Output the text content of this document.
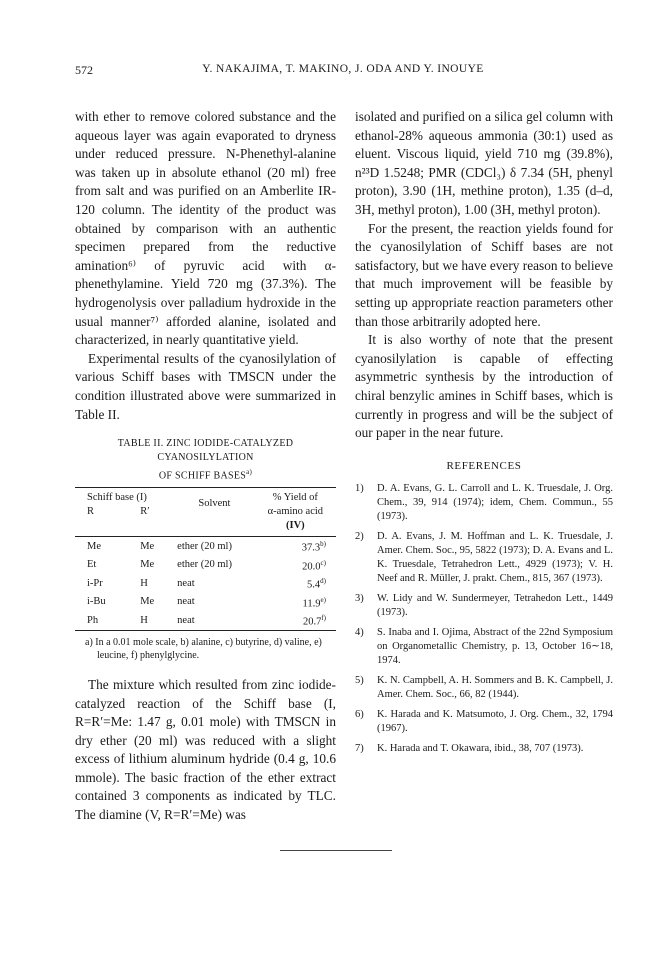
572	Y. NAKAJIMA, T. MAKINO, J. ODA AND Y. INOUYE

with ether to remove colored substance and the aqueous layer was again evaporated to dryness under reduced pressure. N-Phenethyl-alanine was taken up in absolute ethanol (20 ml) free from salt and was purified on an Amberlite IR-120 column. The identity of the product was obtained by comparison with an authentic specimen prepared from the reductive amination⁶⁾ of pyruvic acid with α-phenethylamine. Yield 720 mg (37.3%). The hydrogenolysis over palladium hydroxide in the usual manner⁷⁾ afforded alanine, isolated and characterized, in nearly quantitative yield.

Experimental results of the cyanosilylation of various Schiff bases with TMSCN under the condition illustrated above were summarized in Table II.

TABLE II. ZINC IODIDE-CATALYZED CYANOSILYLATION
OF SCHIFF BASES$^{a)}$
Schiff base (I)		Solvent	% Yield of
R	R′		α-amino acid
			(IV)
Me	Me	ether (20 ml)	37.3$^{b)}$
Et	Me	ether (20 ml)	20.0$^{c)}$
i-Pr	H	neat	5.4$^{d)}$
i-Bu	Me	neat	11.9$^{e)}$
Ph	H	neat	20.7$^{f)}$
a) In a 0.01 mole scale, b) alanine, c) butyrine, d) valine, e) leucine, f) phenylglycine.

The mixture which resulted from zinc iodide-catalyzed reaction of the Schiff base (I, R=R′=Me: 1.47 g, 0.01 mole) with TMSCN in dry ether (20 ml) was reduced with a slight excess of lithium aluminum hydride (0.4 g, 10.6 mmole). The basic fraction of the ether extract contained 3 components as indicated by TLC. The diamine (V, R=R′=Me) was

isolated and purified on a silica gel column with ethanol-28% aqueous ammonia (30:1) used as eluent. Viscous liquid, yield 710 mg (39.8%), n²³D 1.5248; PMR (CDCl₃) δ 7.34 (5H, phenyl proton), 3.90 (1H, methine proton), 1.35 (d–d, 3H, methyl proton), 1.00 (3H, methyl proton).

For the present, the reaction yields found for the cyanosilylation of Schiff bases are not satisfactory, but we have every reason to believe that much improvement will be feasible by setting up appropriate reaction parameters other than those arbitrarily adopted here.

It is also worthy of note that the present cyanosilylation is capable of effecting asymmetric synthesis by the introduction of chiral benzylic amines in Schiff bases, which is currently in progress and will be the subject of our paper in the near future.

REFERENCES
1)	D. A. Evans, G. L. Carroll and L. K. Truesdale, J. Org. Chem., 39, 914 (1974); idem, Chem. Commun., 55 (1973).
2)	D. A. Evans, J. M. Hoffman and L. K. Truesdale, J. Amer. Chem. Soc., 95, 5822 (1973); D. A. Evans and L. K. Truesdale, Tetrahedron Lett., 4929 (1973); V. H. Neef and R. Müller, J. prakt. Chem., 815, 367 (1973).
3)	W. Lidy and W. Sundermeyer, Tetrahedon Lett., 1449 (1973).
4)	S. Inaba and I. Ojima, Abstract of the 22nd Symposium on Organometallic Chemistry, p. 13, October 16∼18, 1974.
5)	K. N. Campbell, A. H. Sommers and B. K. Campbell, J. Amer. Chem. Soc., 66, 82 (1944).
6)	K. Harada and K. Matsumoto, J. Org. Chem., 32, 1794 (1967).
7)	K. Harada and T. Okawara, ibid., 38, 707 (1973).
